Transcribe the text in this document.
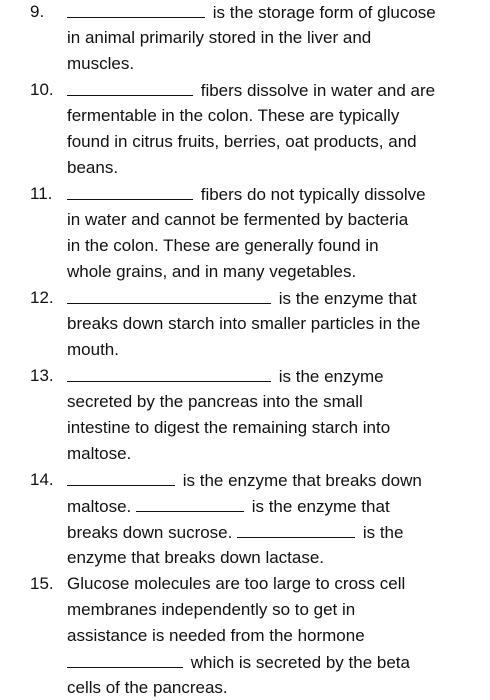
9.	is the storage form of glucose
in animal primarily stored in the liver and
muscles.
10.	fibers dissolve in water and are
fermentable in the colon. These are typically
found in citrus fruits, berries, oat products, and
beans.
11.	fibers do not typically dissolve
in water and cannot be fermented by bacteria
in the colon. These are generally found in
whole grains, and in many vegetables.
12.	is the enzyme that
breaks down starch into smaller particles in the
mouth.
13.	is the enzyme
secreted by the pancreas into the small
intestine to digest the remaining starch into
maltose.
14.	is the enzyme that breaks down
maltose.	is the enzyme that
breaks down sucrose.	is the
enzyme that breaks down lactase.
15. Glucose molecules are too large to cross cell
membranes independently so to get in
assistance is needed from the hormone
which is secreted by the beta
cells of the pancreas.
